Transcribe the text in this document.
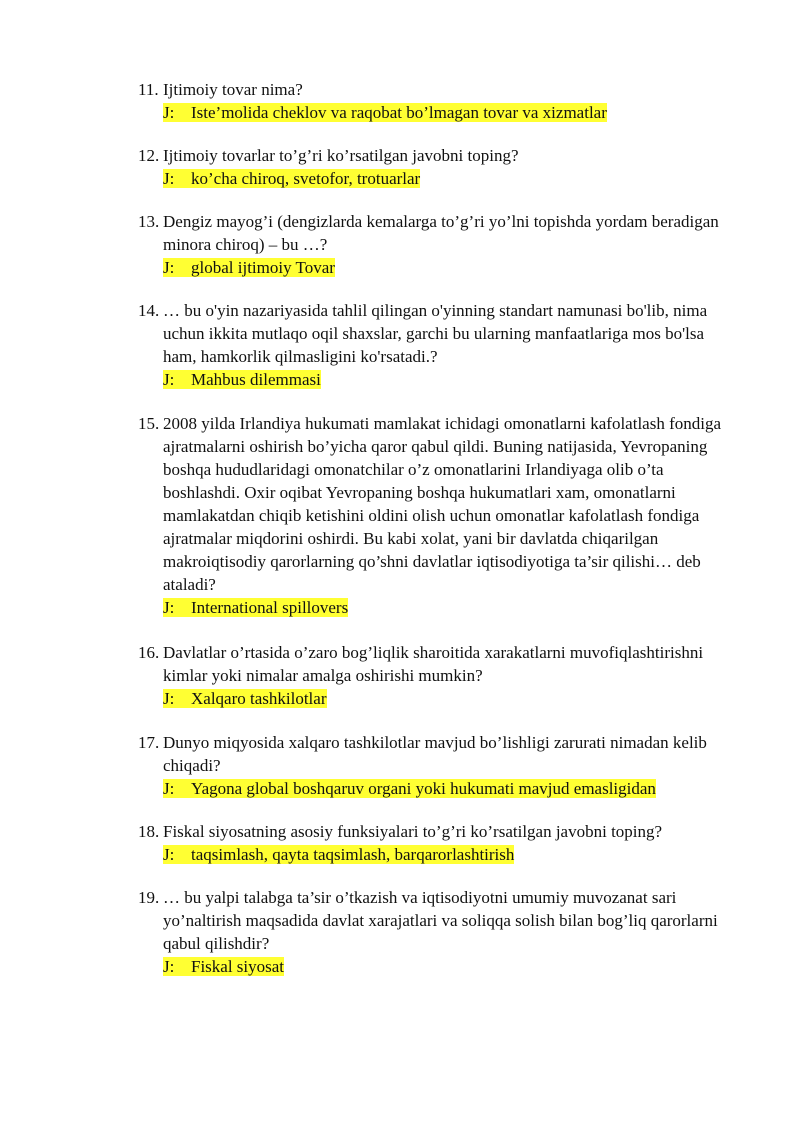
11. Ijtimoiy tovar nima?
J: Iste’molida cheklov va raqobat bo’lmagan tovar va xizmatlar
12. Ijtimoiy tovarlar to’g’ri ko’rsatilgan javobni toping?
J: ko’cha chiroq, svetofor, trotuarlar
13. Dengiz mayog’i (dengizlarda kemalarga to’g’ri yo’lni topishda yordam beradigan minora chiroq) – bu …?
J: global ijtimoiy Tovar
14. … bu o'yin nazariyasida tahlil qilingan o'yinning standart namunasi bo'lib, nima uchun ikkita mutlaqo oqil shaxslar, garchi bu ularning manfaatlariga mos bo'lsa ham, hamkorlik qilmasligini ko'rsatadi.?
J: Mahbus dilemmasi
15. 2008 yilda Irlandiya hukumati mamlakat ichidagi omonatlarni kafolatlash fondiga ajratmalarni oshirish bo’yicha qaror qabul qildi. Buning natijasida, Yevropaning boshqa hududlaridagi omonatchilar o’z omonatlarini Irlandiyaga olib o’ta boshlashdi. Oxir oqibat Yevropaning boshqa hukumatlari xam, omonatlarni mamlakatdan chiqib ketishini oldini olish uchun omonatlar kafolatlash fondiga ajratmalar miqdorini oshirdi. Bu kabi xolat, yani bir davlatda chiqarilgan makroiqtisodiy qarorlarning qo’shni davlatlar iqtisodiyotiga ta’sir qilishi… deb ataladi?
J: International spillovers
16. Davlatlar o’rtasida o’zaro bog’liqlik sharoitida xarakatlarni muvofiqlashtirishni kimlar yoki nimalar amalga oshirishi mumkin?
J: Xalqaro tashkilotlar
17. Dunyo miqyosida xalqaro tashkilotlar mavjud bo’lishligi zarurati nimadan kelib chiqadi?
J: Yagona global boshqaruv organi yoki hukumati mavjud emasligidan
18. Fiskal siyosatning asosiy funksiyalari to’g’ri ko’rsatilgan javobni toping?
J: taqsimlash, qayta taqsimlash, barqarorlashtirish
19. … bu yalpi talabga ta’sir o’tkazish va iqtisodiyotni umumiy muvozanat sari yo’naltirish maqsadida davlat xarajatlari va soliqqa solish bilan bog’liq qarorlarni qabul qilishdir?
J: Fiskal siyosat
